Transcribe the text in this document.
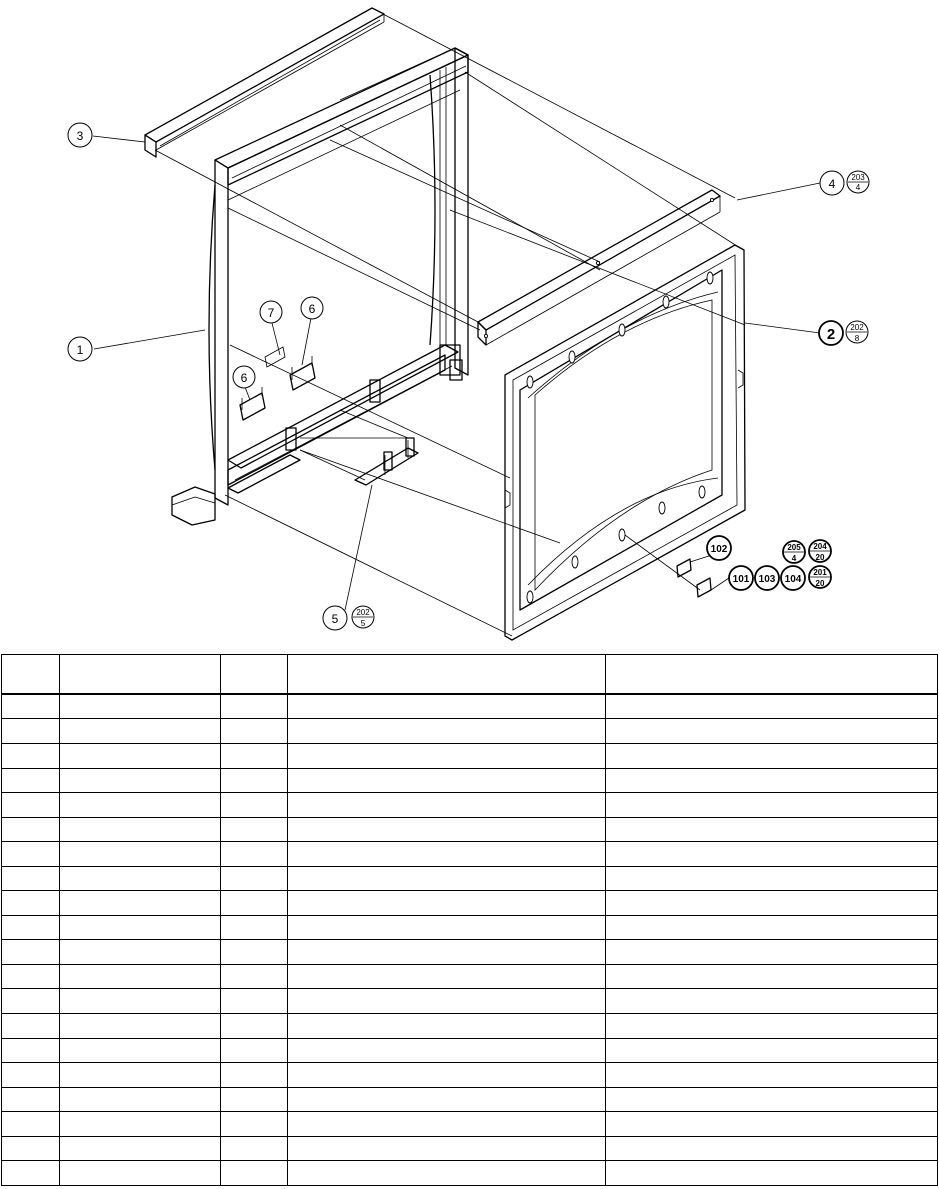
1
3
7	6
6
4 203
4
2 202
8
5 202
5
102
101 103 104
201
20
205
4
204
20
